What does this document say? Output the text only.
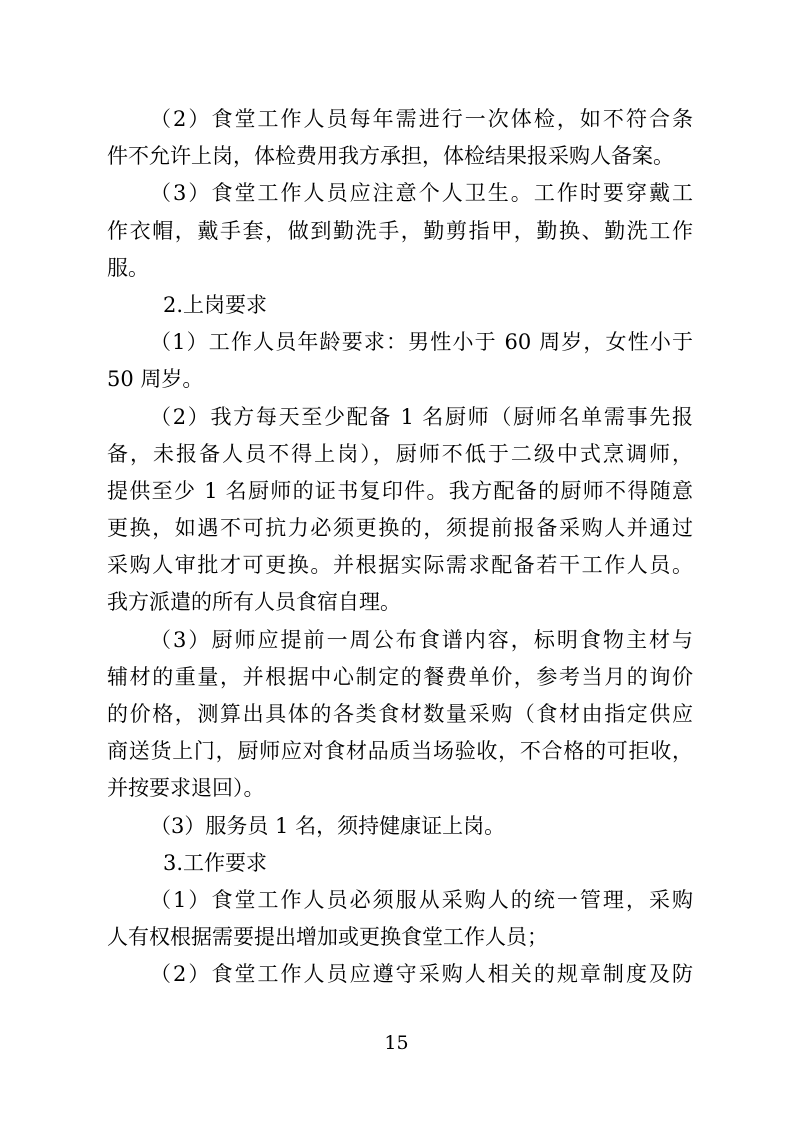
（2）食堂工作人员每年需进行一次体检，如不符合条
件不允许上岗，体检费用我方承担，体检结果报采购人备案。
（3）食堂工作人员应注意个人卫生。工作时要穿戴工
作衣帽，戴手套，做到勤洗手，勤剪指甲，勤换、勤洗工作
服。
2.上岗要求
（1）工作人员年龄要求：男性小于 60 周岁，女性小于
50 周岁。
（2）我方每天至少配备 1 名厨师（厨师名单需事先报
备，未报备人员不得上岗），厨师不低于二级中式烹调师，
提供至少 1 名厨师的证书复印件。我方配备的厨师不得随意
更换，如遇不可抗力必须更换的，须提前报备采购人并通过
采购人审批才可更换。并根据实际需求配备若干工作人员。
我方派遣的所有人员食宿自理。
（3）厨师应提前一周公布食谱内容，标明食物主材与
辅材的重量，并根据中心制定的餐费单价，参考当月的询价
的价格，测算出具体的各类食材数量采购（食材由指定供应
商送货上门，厨师应对食材品质当场验收，不合格的可拒收，
并按要求退回）。
（3）服务员 1 名，须持健康证上岗。
3.工作要求
（1）食堂工作人员必须服从采购人的统一管理，采购
人有权根据需要提出增加或更换食堂工作人员；
（2）食堂工作人员应遵守采购人相关的规章制度及防
15
